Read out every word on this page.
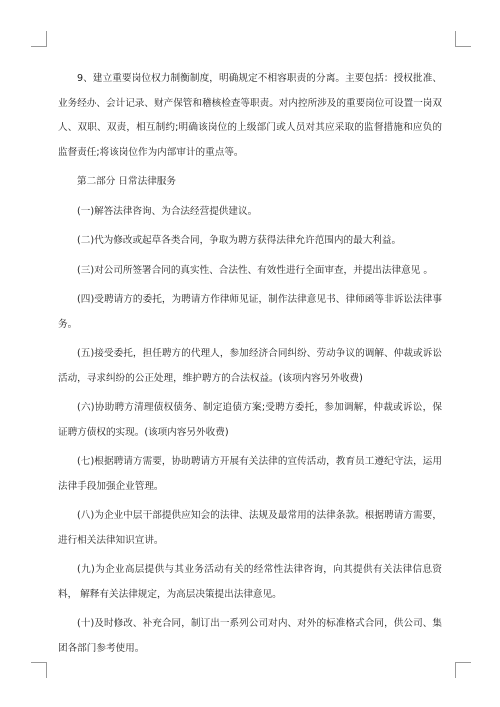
9、建立重要岗位权力制衡制度，明确规定不相容职责的分离。主要包括：授权批准、业务经办、会计记录、财产保管和稽核检查等职责。对内控所涉及的重要岗位可设置一岗双人、双职、双责，相互制约;明确该岗位的上级部门或人员对其应采取的监督措施和应负的监督责任;将该岗位作为内部审计的重点等。

第二部分 日常法律服务

(一)解答法律咨询、为合法经营提供建议。

(二)代为修改或起草各类合同，争取为聘方获得法律允许范围内的最大利益。

(三)对公司所签署合同的真实性、合法性、有效性进行全面审查，并提出法律意见 。

(四)受聘请方的委托，为聘请方作律师见证，制作法律意见书、律师函等非诉讼法律事务。

(五)接受委托，担任聘方的代理人，参加经济合同纠纷、劳动争议的调解、仲裁或诉讼活动，寻求纠纷的公正处理，维护聘方的合法权益。(该项内容另外收费)

(六)协助聘方清理债权债务、制定追债方案;受聘方委托，参加调解，仲裁或诉讼，保证聘方债权的实现。(该项内容另外收费)

(七)根据聘请方需要，协助聘请方开展有关法律的宣传活动，教育员工遵纪守法，运用法律手段加强企业管理。

(八)为企业中层干部提供应知会的法律、法规及最常用的法律条款。根据聘请方需要，进行相关法律知识宣讲。

(九)为企业高层提供与其业务活动有关的经常性法律咨询，向其提供有关法律信息资料， 解释有关法律规定，为高层决策提出法律意见。

(十)及时修改、补充合同，制订出一系列公司对内、对外的标准格式合同，供公司、集团各部门参考使用。
